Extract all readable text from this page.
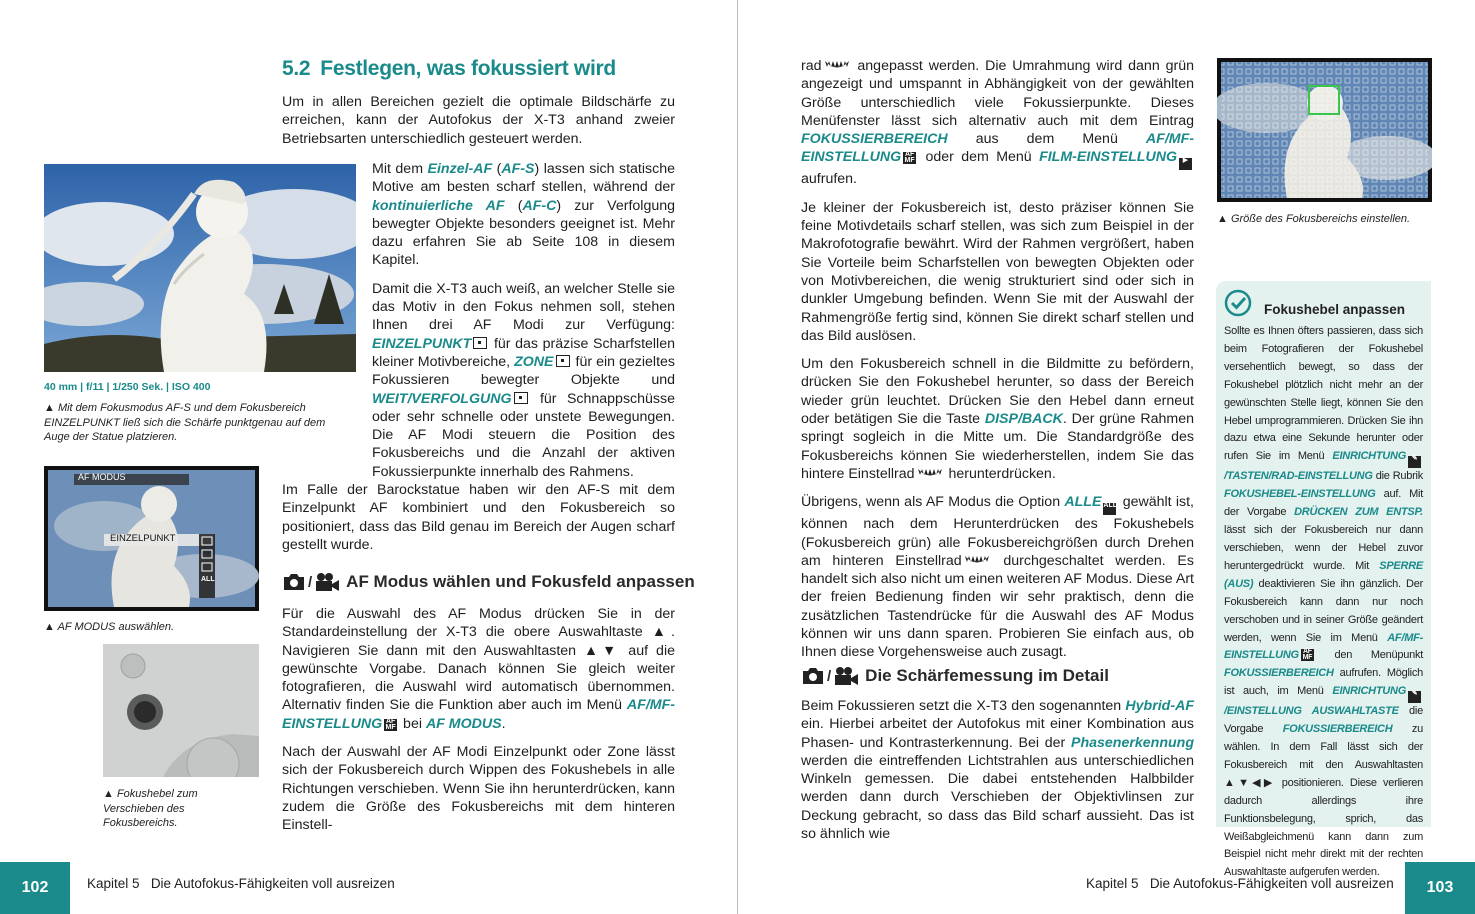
5.2 Festlegen, was fokussiert wird

Um in allen Bereichen gezielt die optimale Bildschärfe zu erreichen, kann der Autofokus der X-T3 anhand zweier Betriebsarten unterschiedlich gesteuert werden.

40 mm | f/11 | 1/250 Sek. | ISO 400
▲ Mit dem Fokusmodus AF-S und dem Fokusbereich EINZELPUNKT ließ sich die Schärfe punktgenau auf dem Auge der Statue platzieren.

Mit dem Einzel-AF (AF-S) lassen sich statische Motive am besten scharf stellen, während der kontinuierliche AF (AF-C) zur Verfolgung bewegter Objekte besonders geeignet ist. Mehr dazu erfahren Sie ab Seite 108 in diesem Kapitel.

Damit die X-T3 auch weiß, an welcher Stelle sie das Motiv in den Fokus nehmen soll, stehen Ihnen drei AF Modi zur Verfügung: EINZELPUNKT für das präzise Scharfstellen kleiner Motivbereiche, ZONE für ein gezieltes Fokussieren bewegter Objekte und WEIT/VERFOLGUNG für Schnappschüsse oder sehr schnelle oder unstete Bewegungen. Die AF Modi steuern die Position des Fokusbereichs und die Anzahl der aktiven Fokussierpunkte innerhalb des Rahmens.

Im Falle der Barockstatue haben wir den AF-S mit dem Einzelpunkt AF kombiniert und den Fokusbereich so positioniert, dass das Bild genau im Bereich der Augen scharf gestellt wurde.

AF MODUS
EINZELPUNKT
ALL
▲ AF MODUS auswählen.
▲ Fokushebel zum Verschieben des Fokusbereichs.
/ AF Modus wählen und Fokusfeld anpassen

Für die Auswahl des AF Modus drücken Sie in der Standardeinstellung der X-T3 die obere Auswahltaste ▲. Navigieren Sie dann mit den Auswahltasten ▲▼ auf die gewünschte Vorgabe. Danach können Sie gleich weiter fotografieren, die Auswahl wird automatisch übernommen. Alternativ finden Sie die Funktion aber auch im Menü AF/MF-EINSTELLUNG AF MF bei AF MODUS.

Nach der Auswahl der AF Modi Einzelpunkt oder Zone lässt sich der Fokusbereich durch Wippen des Fokushebels in alle Richtungen verschieben. Wenn Sie ihn herunterdrücken, kann zudem die Größe des Fokusbereichs mit dem hinteren Einstell-

102	Kapitel 5 Die Autofokus-Fähigkeiten voll ausreizen

rad angepasst werden. Die Umrahmung wird dann grün angezeigt und umspannt in Abhängigkeit von der gewählten Größe unterschiedlich viele Fokussierpunkte. Dieses Menüfenster lässt sich alternativ auch mit dem Eintrag FOKUSSIERBEREICH aus dem Menü AF/MF-EINSTELLUNG AF MF oder dem Menü FILM-EINSTELLUNG ▶ aufrufen.

Je kleiner der Fokusbereich ist, desto präziser können Sie feine Motivdetails scharf stellen, was sich zum Beispiel in der Makrofotografie bewährt. Wird der Rahmen vergrößert, haben Sie Vorteile beim Scharfstellen von bewegten Objekten oder von Motivbereichen, die wenig strukturiert sind oder sich in dunkler Umgebung befinden. Wenn Sie mit der Auswahl der Rahmengröße fertig sind, können Sie direkt scharf stellen und das Bild auslösen.

Um den Fokusbereich schnell in die Bildmitte zu befördern, drücken Sie den Fokushebel herunter, so dass der Bereich wieder grün leuchtet. Drücken Sie den Hebel dann erneut oder betätigen Sie die Taste DISP/BACK. Der grüne Rahmen springt sogleich in die Mitte um. Die Standardgröße des Fokusbereichs können Sie wiederherstellen, indem Sie das hintere Einstellrad herunterdrücken.

Übrigens, wenn als AF Modus die Option ALLE ALL gewählt ist, können nach dem Herunterdrücken des Fokushebels (Fokusbereich grün) alle Fokusbereichgrößen durch Drehen am hinteren Einstellrad durchgeschaltet werden. Es handelt sich also nicht um einen weiteren AF Modus. Diese Art der freien Bedienung finden wir sehr praktisch, denn die zusätzlichen Tastendrücke für die Auswahl des AF Modus können wir uns dann sparen. Probieren Sie einfach aus, ob Ihnen diese Vorgehensweise auch zusagt.

/ Die Schärfemessung im Detail

Beim Fokussieren setzt die X-T3 den sogenannten Hybrid-AF ein. Hierbei arbeitet der Autofokus mit einer Kombination aus Phasen- und Kontrasterkennung. Bei der Phasenerkennung werden die eintreffenden Lichtstrahlen aus unterschiedlichen Winkeln gemessen. Die dabei entstehenden Halbbilder werden dann durch Verschieben der Objektivlinsen zur Deckung gebracht, so dass das Bild scharf aussieht. Das ist so ähnlich wie

▲ Größe des Fokusbereichs einstellen.
103
Kapitel 5 Die Autofokus-Fähigkeiten voll ausreizen
Fokushebel anpassen
Sollte es Ihnen öfters passieren, dass sich beim Fotografieren der Fokushebel versehentlich bewegt, so dass der Fokushebel plötzlich nicht mehr an der gewünschten Stelle liegt, können Sie den Hebel umprogrammieren. Drücken Sie ihn dazu etwa eine Sekunde herunter oder rufen Sie im Menü EINRICHTUNG ✎/TASTEN/RAD-EINSTELLUNG die Rubrik FOKUSHEBEL-EINSTELLUNG auf. Mit der Vorgabe DRÜCKEN ZUM ENTSP. lässt sich der Fokusbereich nur dann verschieben, wenn der Hebel zuvor heruntergedrückt wurde. Mit SPERRE (AUS) deaktivieren Sie ihn gänzlich. Der Fokusbereich kann dann nur noch verschoben und in seiner Größe geändert werden, wenn Sie im Menü AF/MF-EINSTELLUNG AF MF den Menüpunkt FOKUSSIERBEREICH aufrufen. Möglich ist auch, im Menü EINRICHTUNG ✎/EINSTELLUNG AUSWAHLTASTE die Vorgabe FOKUSSIERBEREICH zu wählen. In dem Fall lässt sich der Fokusbereich mit den Auswahltasten ▲▼◀▶ positionieren. Diese verlieren dadurch allerdings ihre Funktionsbelegung, sprich, das Weißabgleichmenü kann dann zum Beispiel nicht mehr direkt mit der rechten Auswahltaste aufgerufen werden.
